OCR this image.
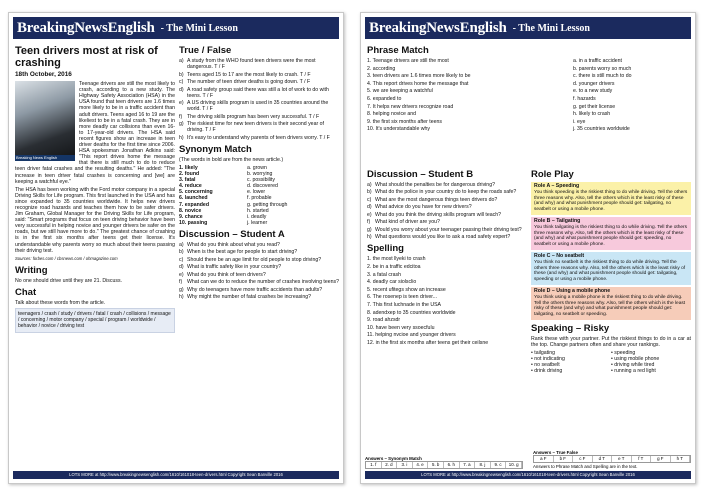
BreakingNewsEnglish - The Mini Lesson
Teen drivers most at risk of crashing
18th October, 2016
Breaking News English
Teenage drivers are still the most likely to crash, according to a new study. The Highway Safety Association (HSA) in the USA found that teen drivers are 1.6 times more likely to be in a traffic accident than adult drivers. Teens aged 16 to 19 are the likeliest to be in a fatal crash. They are in more deadly car collisions than even 16- to 17-year-old drivers. The HSA said recent figures show an increase in teen driver deaths for the first time since 2006. HSA spokesman Jonathan Adkins said: "This report drives home the message that there is still much to do to reduce teen driver fatal crashes and the resulting deaths." He added: "The increase in teen driver fatal crashes is concerning and [we] are keeping a watchful eye."
The HSA has been working with the Ford motor company in a special Driving Skills for Life program. This first launched in the USA and has since expanded to 35 countries worldwide. It helps new drivers recognize road hazards and teaches them how to be safer drivers. Jim Graham, Global Manager for the Driving Skills for Life program, said: "Smart programs that focus on teen driving behavior have been very successful in helping novice and younger drivers be safer on the roads, but we still have more to do." The greatest chance of crashing is in the first six months after teens get their license. It's understandable why parents worry so much about their teens passing their driving test.
Sources: forbes.com / cbsnews.com / ohmagazine.com
Writing
No one should drive until they are 21. Discuss.
Chat
Talk about these words from the article.
teenagers / crash / study / drivers / fatal / crash / collisions / message / concerning / motor company / special / program / worldwide / behavior / novice / driving test
True / False
a) A study from the WHO found teen drivers were the most dangerous. T / F
b) Teens aged 15 to 17 are the most likely to crash. T / F
c) The number of teen driver deaths is going down. T / F
d) A road safety group said there was still a lot of work to do with teens. T / F
e) A US driving skills program is used in 35 countries around the world. T / F
f) The driving skills program has been very successful. T / F
g) The riskiest time for new teen drivers is their second year of driving. T / F
h) It's easy to understand why parents of teen drivers worry. T / F
Synonym Match
(The words in bold are from the news article.)
1. likely	a. grown
2. found	b. worrying
3. fatal	c. possibility
4. reduce	d. discovered
5. concerning	e. lower
6. launched	f. probable
7. expanded	g. getting through
8. novice	h. started
9. chance	i. deadly
10. passing	j. learner
Discussion – Student A
a) What do you think about what you read?
b) When is the best age for people to start driving?
c) Should there be an age limit for old people to stop driving?
d) What is traffic safety like in your country?
e) What do you think of teen drivers?
f) What can we do to reduce the number of crashes involving teens?
g) Why do teenagers have more traffic accidents than adults?
h) Why might the number of fatal crashes be increasing?
LOTS MORE at http://www.breakingnewsenglish.com/1610/161018-teen-drivers.html Copyright Sean Banville 2016
BreakingNewsEnglish - The Mini Lesson
Phrase Match
1. Teenage drivers are still the most
2. according
3. teen drivers are 1.6 times more likely to be
4. This report drives home the message that
5. we are keeping a watchful
6. expanded to
7. It helps new drivers recognize road
8. helping novice and
9. the first six months after teens
10. It's understandable why
a. in a traffic accident
b. parents worry so much
c. there is still much to do
d. younger drivers
e. to a new study
f. hazards
g. get their license
h. likely to crash
i. eye
j. 35 countries worldwide
Discussion – Student B
a) What should the penalties be for dangerous driving?
b) What do the police in your country do to keep the roads safe?
c) What are the most dangerous things teen drivers do?
d) What advice do you have for new drivers?
e) What do you think the driving skills program will teach?
f) What kind of driver are you?
g) Would you worry about your teenager passing their driving test?
h) What questions would you like to ask a road safety expert?
Spelling
1. the most llyeki to crash
2. be in a traffic edcitoa
3. a fatal crash
4. deadly car siolsclio
5. recent ufitegs show an increase
6. The rosenep is teen driver...
7. This first luchnade in the USA
8. adendxep to 35 countries worldwide
9. road ahzsdr
10. have been very ssoecfulu
11. helping nvcioe and younger drivers
12. in the first six months after teens get their ceilsne
Role Play
Role A – Speeding
You think speeding is the riskiest thing to do while driving. Tell the others three reasons why. Also, tell the others which is the least risky of these (and why) and what punishment people should get: tailgating, no seatbelt or using a mobile phone.
Role B – Tailgating
You think tailgating is the riskiest thing to do while driving. Tell the others three reasons why. Also, tell the others which is the least risky of these (and why) and what punishment people should get: speeding, no seatbelt or using a mobile phone.
Role C – No seatbelt
You think no seatbelt is the riskiest thing to do while driving. Tell the others three reasons why. Also, tell the others which is the least risky of these (and why) and what punishment people should get: tailgating, speeding or using a mobile phone.
Role D – Using a mobile phone
You think using a mobile phone is the riskiest thing to do while driving. Tell the others three reasons why. Also, tell the others which is the least risky of these (and why) and what punishment people should get: tailgating, no seatbelt or speeding.
Speaking – Risky
Rank these with your partner. Put the riskiest things to do in a car at the top. Change partners often and share your rankings.
• tailgating
• not indicating
• no seatbelt
• drink driving
• speeding
• using mobile phone
• driving while tired
• running a red light
Answers – Synonym Match
1. f	2. d	3. i	4. e	5. b	6. h	7. a	8. j	9. c	10. g
Answers – True False
a F	b F	c F	d T	e T	f T	g F	h T
Answers to Phrase Match and Spelling are in the text.
LOTS MORE at http://www.breakingnewsenglish.com/1610/161018-teen-drivers.html Copyright Sean Banville 2016
